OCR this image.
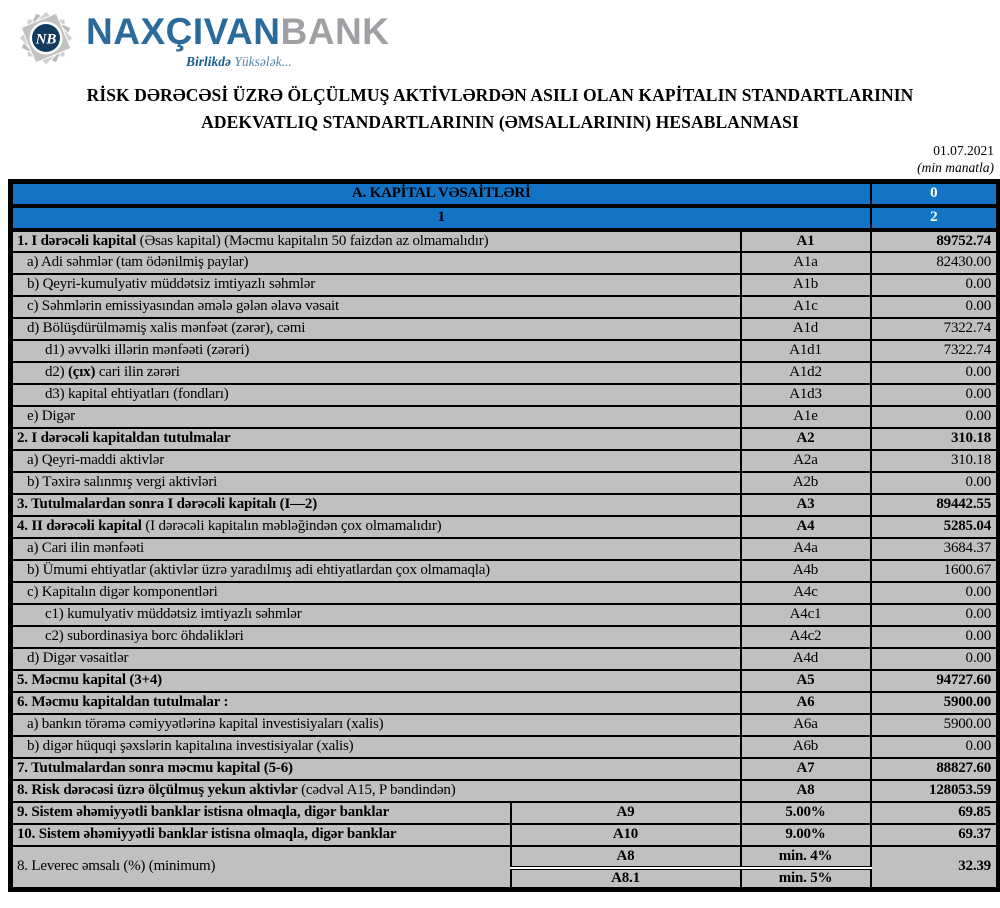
NB NAXÇIVANBANK
Birlikdə Yüksələk...
RİSK DƏRƏCƏSİ ÜZRƏ ÖLÇÜLMUŞ AKTİVLƏRDƏN ASILI OLAN KAPİTALIN STANDARTLARININ
ADEKVATLIQ STANDARTLARININ (ƏMSALLARININ) HESABLANMASI
01.07.2021
(min manatla)
A. KAPİTAL VƏSAİTLƏRİ			0
1			2
1. I dərəcəli kapital (Əsas kapital) (Məcmu kapitalın 50 faizdən az olmamalıdır)		A1	89752.74
a) Adi səhmlər (tam ödənilmiş paylar)		A1a	82430.00
b) Qeyri-kumulyativ müddətsiz imtiyazlı səhmlər		A1b	0.00
c) Səhmlərin emissiyasından əmələ gələn əlavə vəsait		A1c	0.00
d) Bölüşdürülməmiş xalis mənfəət (zərər), cəmi		A1d	7322.74
d1) əvvəlki illərin mənfəəti (zərəri)		A1d1	7322.74
d2) (çıx) cari ilin zərəri		A1d2	0.00
d3) kapital ehtiyatları (fondları)		A1d3	0.00
e) Digər		A1e	0.00
2. I dərəcəli kapitaldan tutulmalar		A2	310.18
a) Qeyri-maddi aktivlər		A2a	310.18
b) Təxirə salınmış vergi aktivləri		A2b	0.00
3. Tutulmalardan sonra I dərəcəli kapitalı (I—2)		A3	89442.55
4. II dərəcəli kapital (I dərəcəli kapitalın məbləğindən çox olmamalıdır)		A4	5285.04
a) Cari ilin mənfəəti		A4a	3684.37
b) Ümumi ehtiyatlar (aktivlər üzrə yaradılmış adi ehtiyatlardan çox olmamaqla)		A4b	1600.67
c) Kapitalın digər komponentləri		A4c	0.00
c1) kumulyativ müddətsiz imtiyazlı səhmlər		A4c1	0.00
c2) subordinasiya borc öhdəlikləri		A4c2	0.00
d) Digər vəsaitlər		A4d	0.00
5. Məcmu kapital (3+4)		A5	94727.60
6. Məcmu kapitaldan tutulmalar :		A6	5900.00
a) bankın törəmə cəmiyyətlərinə kapital investisiyaları (xalis)		A6a	5900.00
b) digər hüquqi şəxslərin kapitalına investisiyalar (xalis)		A6b	0.00
7. Tutulmalardan sonra məcmu kapital (5-6)		A7	88827.60
8. Risk dərəcəsi üzrə ölçülmuş yekun aktivlər (cədvəl A15, P bəndindən)		A8	128053.59
9. Sistem əhəmiyyətli banklar istisna olmaqla, digər banklar	A9	5.00%	69.85
10. Sistem əhəmiyyətli banklar istisna olmaqla, digər banklar	A10	9.00%	69.37
8. Leverec əmsalı (%) (minimum)	A8	min. 4%	32.39
	A8.1	min. 5%	
